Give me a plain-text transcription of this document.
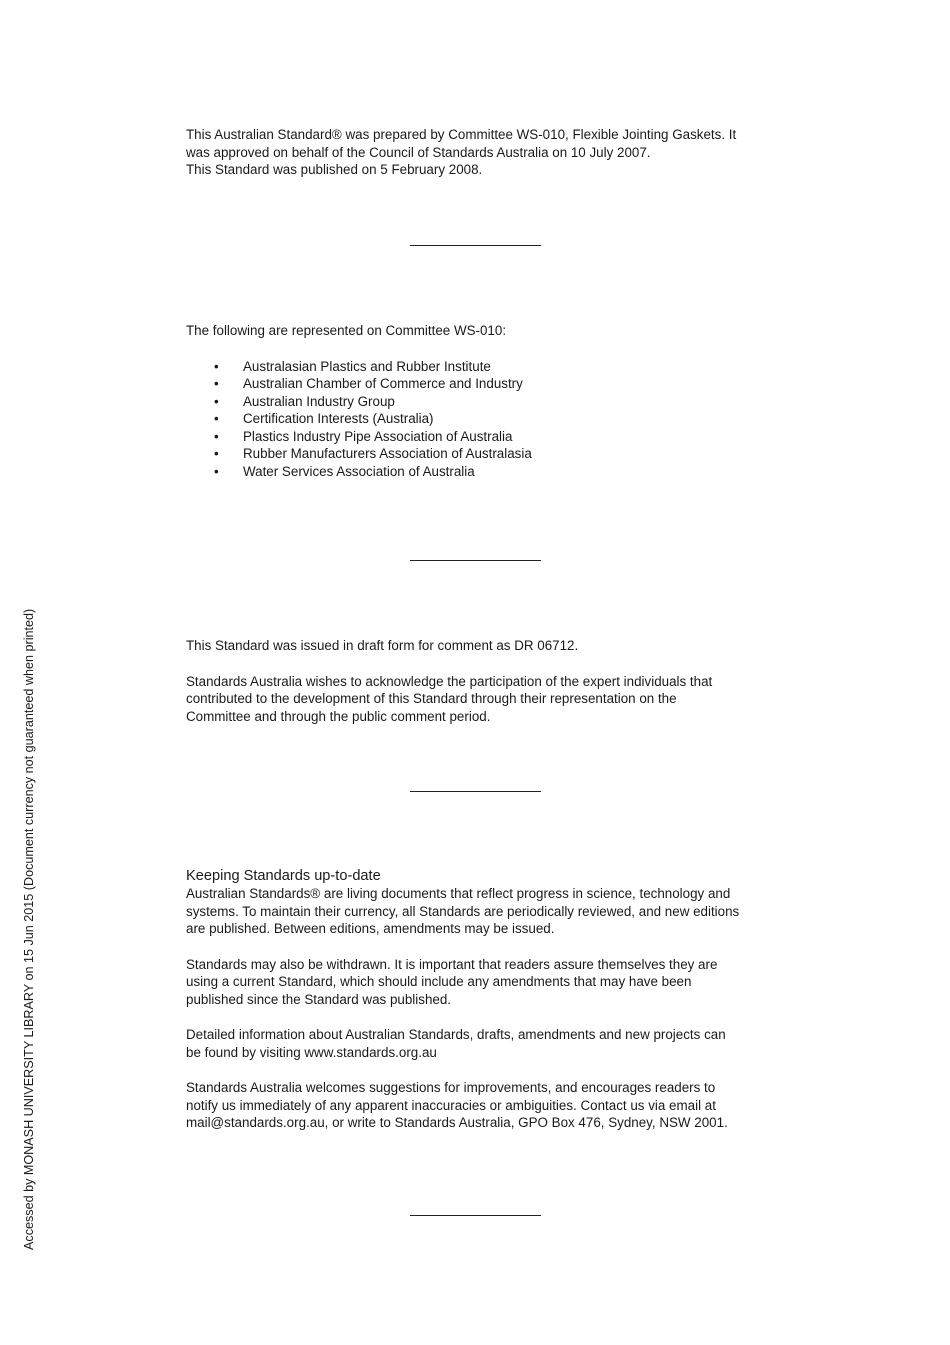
This Australian Standard® was prepared by Committee WS-010, Flexible Jointing Gaskets. It
was approved on behalf of the Council of Standards Australia on 10 July 2007.
This Standard was published on 5 February 2008.

The following are represented on Committee WS-010:

• Australasian Plastics and Rubber Institute
• Australian Chamber of Commerce and Industry
• Australian Industry Group
• Certification Interests (Australia)
• Plastics Industry Pipe Association of Australia
• Rubber Manufacturers Association of Australasia
• Water Services Association of Australia

This Standard was issued in draft form for comment as DR 06712.

Standards Australia wishes to acknowledge the participation of the expert individuals that
contributed to the development of this Standard through their representation on the
Committee and through the public comment period.

Keeping Standards up-to-date

Australian Standards® are living documents that reflect progress in science, technology and
systems. To maintain their currency, all Standards are periodically reviewed, and new editions
are published. Between editions, amendments may be issued.

Standards may also be withdrawn. It is important that readers assure themselves they are
using a current Standard, which should include any amendments that may have been
published since the Standard was published.

Detailed information about Australian Standards, drafts, amendments and new projects can
be found by visiting www.standards.org.au

Standards Australia welcomes suggestions for improvements, and encourages readers to
notify us immediately of any apparent inaccuracies or ambiguities. Contact us via email at
mail@standards.org.au, or write to Standards Australia, GPO Box 476, Sydney, NSW 2001.

Accessed by MONASH UNIVERSITY LIBRARY on 15 Jun 2015 (Document currency not guaranteed when printed)
